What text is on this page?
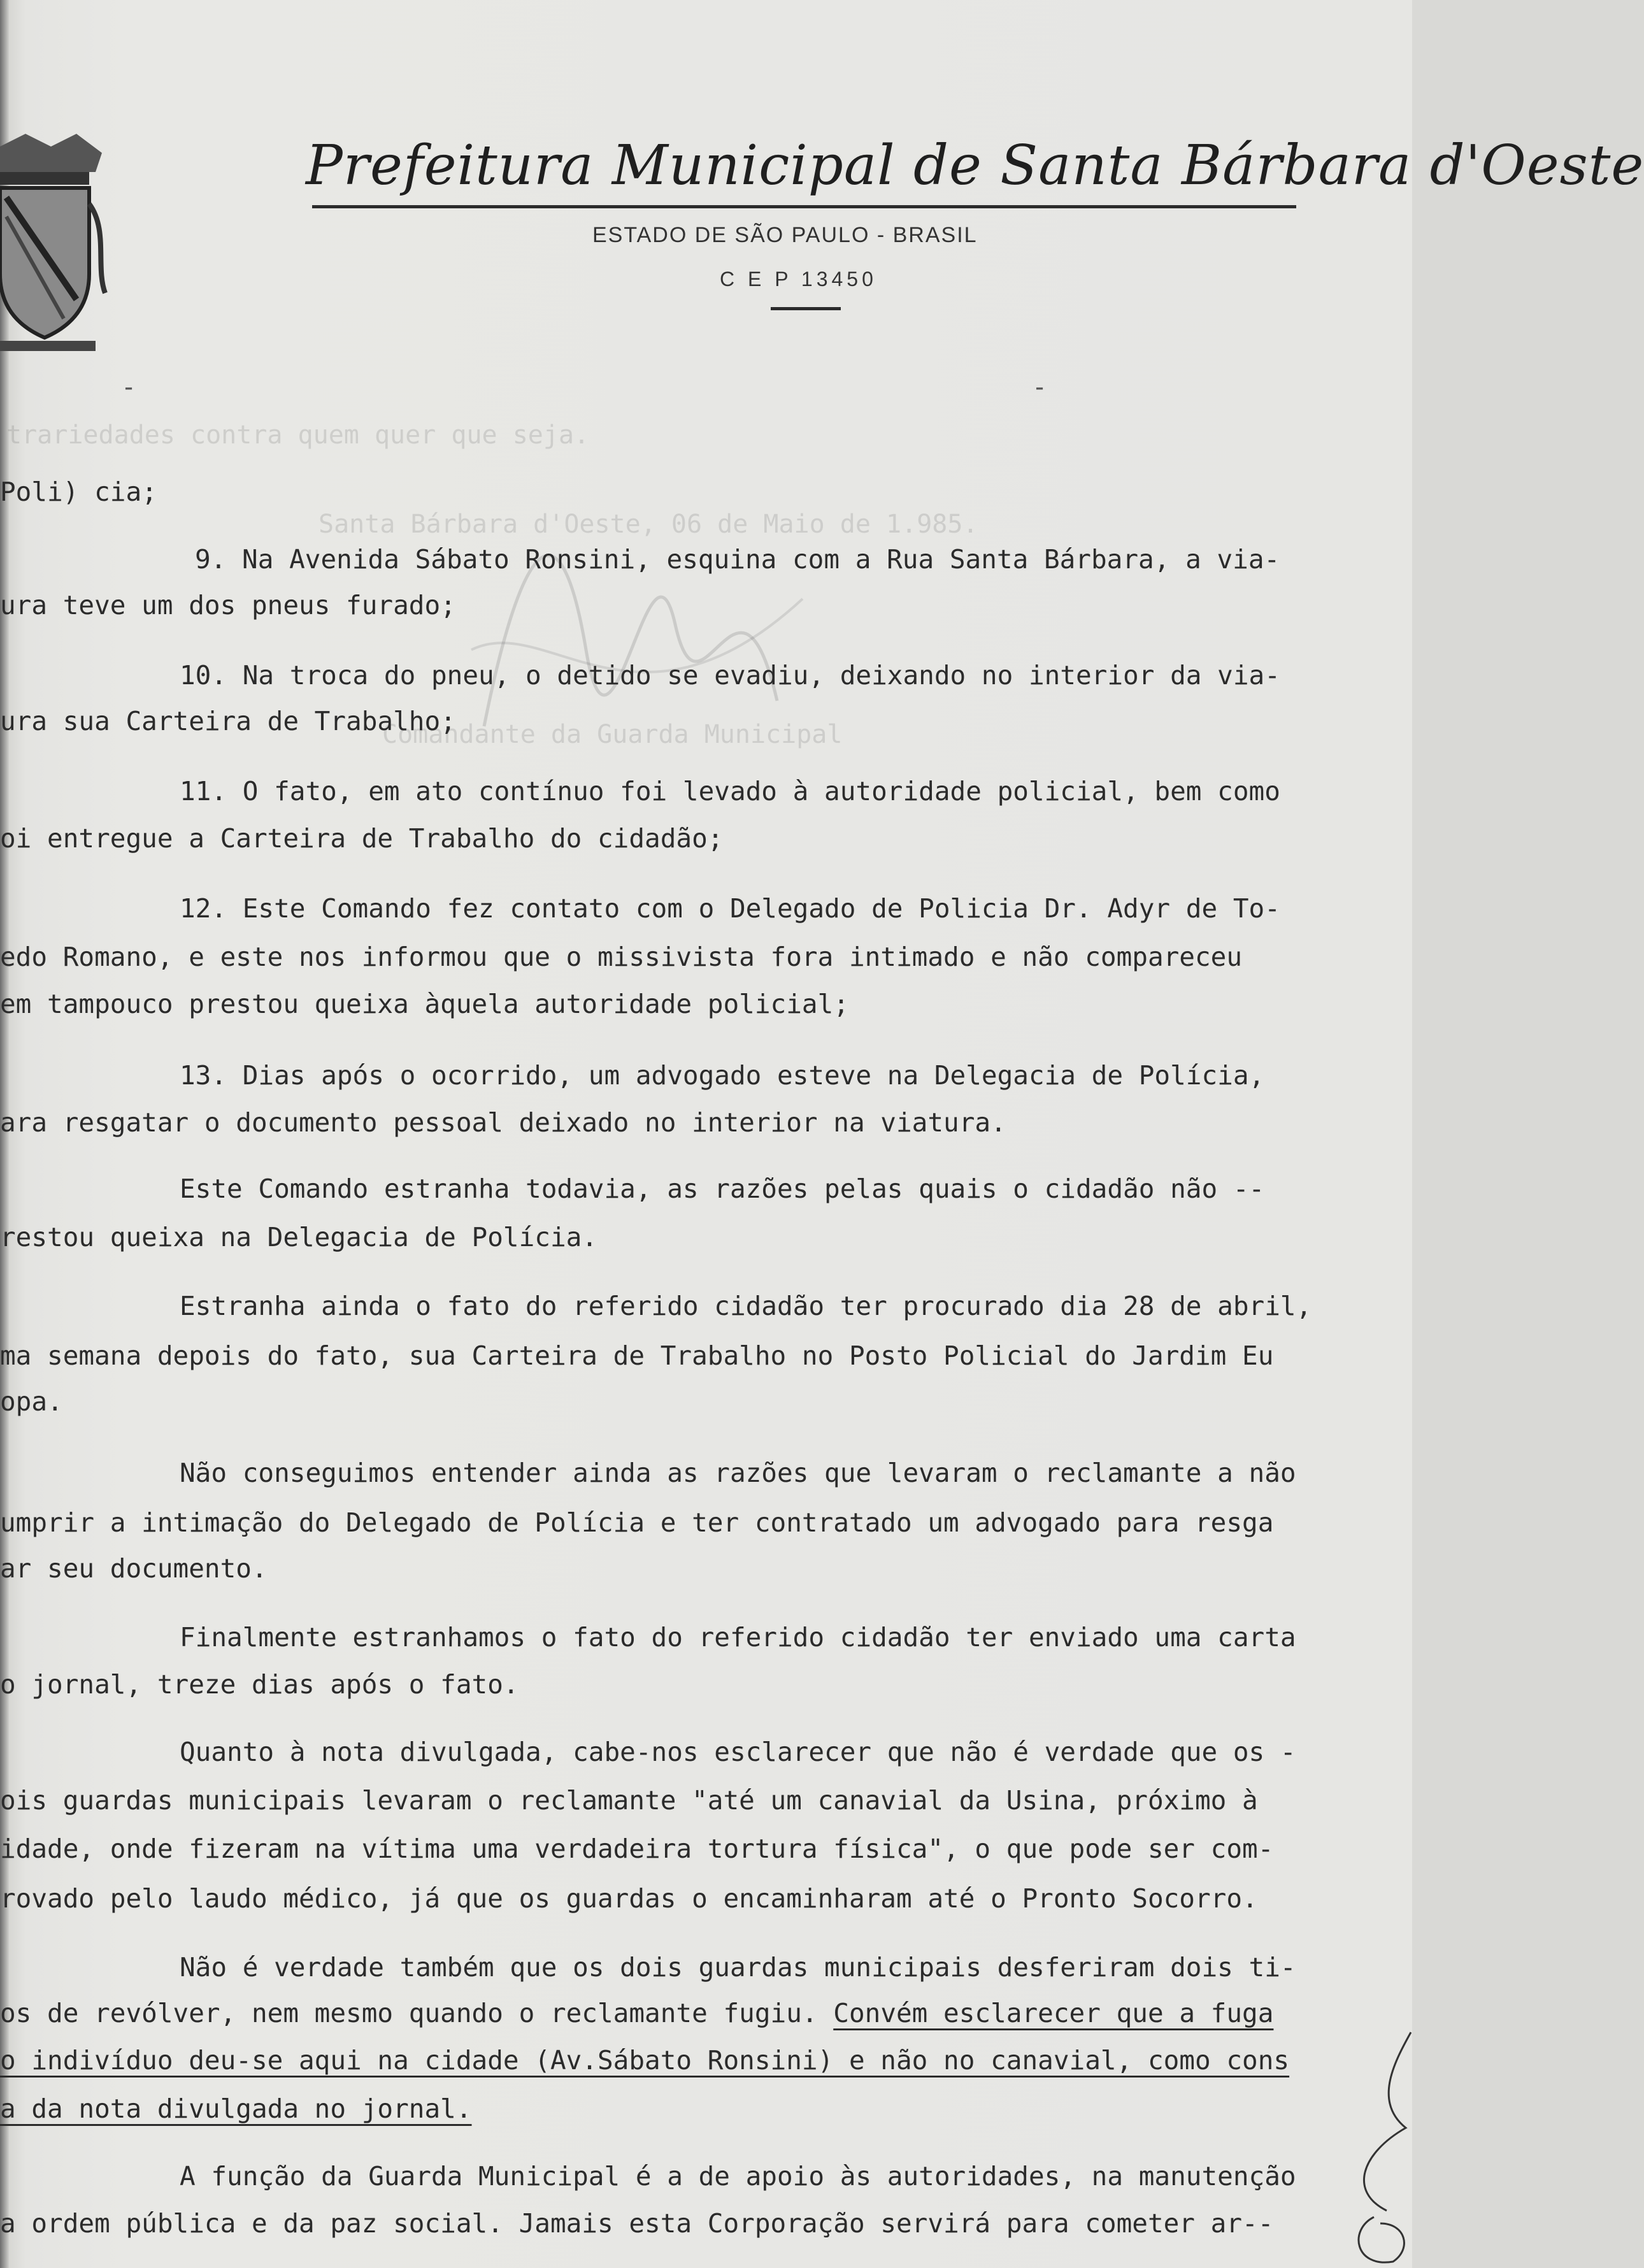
trariedades contra quem quer que seja.
Santa Bárbara d'Oeste, 06 de Maio de 1.985.
Comandante da Guarda Municipal
Prefeitura Municipal de Santa Bárbara d'Oeste
ESTADO DE SÃO PAULO - BRASIL
C E P 13450
-	-
Poli) cia;
9. Na Avenida Sábato Ronsini, esquina com a Rua Santa Bárbara, a via-
ura teve um dos pneus furado;
10. Na troca do pneu, o detido se evadiu, deixando no interior da via-
ura sua Carteira de Trabalho;
11. O fato, em ato contínuo foi levado à autoridade policial, bem como
oi entregue a Carteira de Trabalho do cidadão;
12. Este Comando fez contato com o Delegado de Policia Dr. Adyr de To-
edo Romano, e este nos informou que o missivista fora intimado e não compareceu
em tampouco prestou queixa àquela autoridade policial;
13. Dias após o ocorrido, um advogado esteve na Delegacia de Polícia,
ara resgatar o documento pessoal deixado no interior na viatura.
Este Comando estranha todavia, as razões pelas quais o cidadão não --
restou queixa na Delegacia de Polícia.
Estranha ainda o fato do referido cidadão ter procurado dia 28 de abril,
ma semana depois do fato, sua Carteira de Trabalho no Posto Policial do Jardim Eu
opa.
Não conseguimos entender ainda as razões que levaram o reclamante a não
umprir a intimação do Delegado de Polícia e ter contratado um advogado para resga
ar seu documento.
Finalmente estranhamos o fato do referido cidadão ter enviado uma carta
o jornal, treze dias após o fato.
Quanto à nota divulgada, cabe-nos esclarecer que não é verdade que os -
ois guardas municipais levaram o reclamante "até um canavial da Usina, próximo à
idade, onde fizeram na vítima uma verdadeira tortura física", o que pode ser com-
rovado pelo laudo médico, já que os guardas o encaminharam até o Pronto Socorro.
Não é verdade também que os dois guardas municipais desferiram dois ti-
os de revólver, nem mesmo quando o reclamante fugiu. Convém esclarecer que a fuga
o indivíduo deu-se aqui na cidade (Av.Sábato Ronsini) e não no canavial, como cons
a da nota divulgada no jornal.
A função da Guarda Municipal é a de apoio às autoridades, na manutenção
a ordem pública e da paz social. Jamais esta Corporação servirá para cometer ar--
